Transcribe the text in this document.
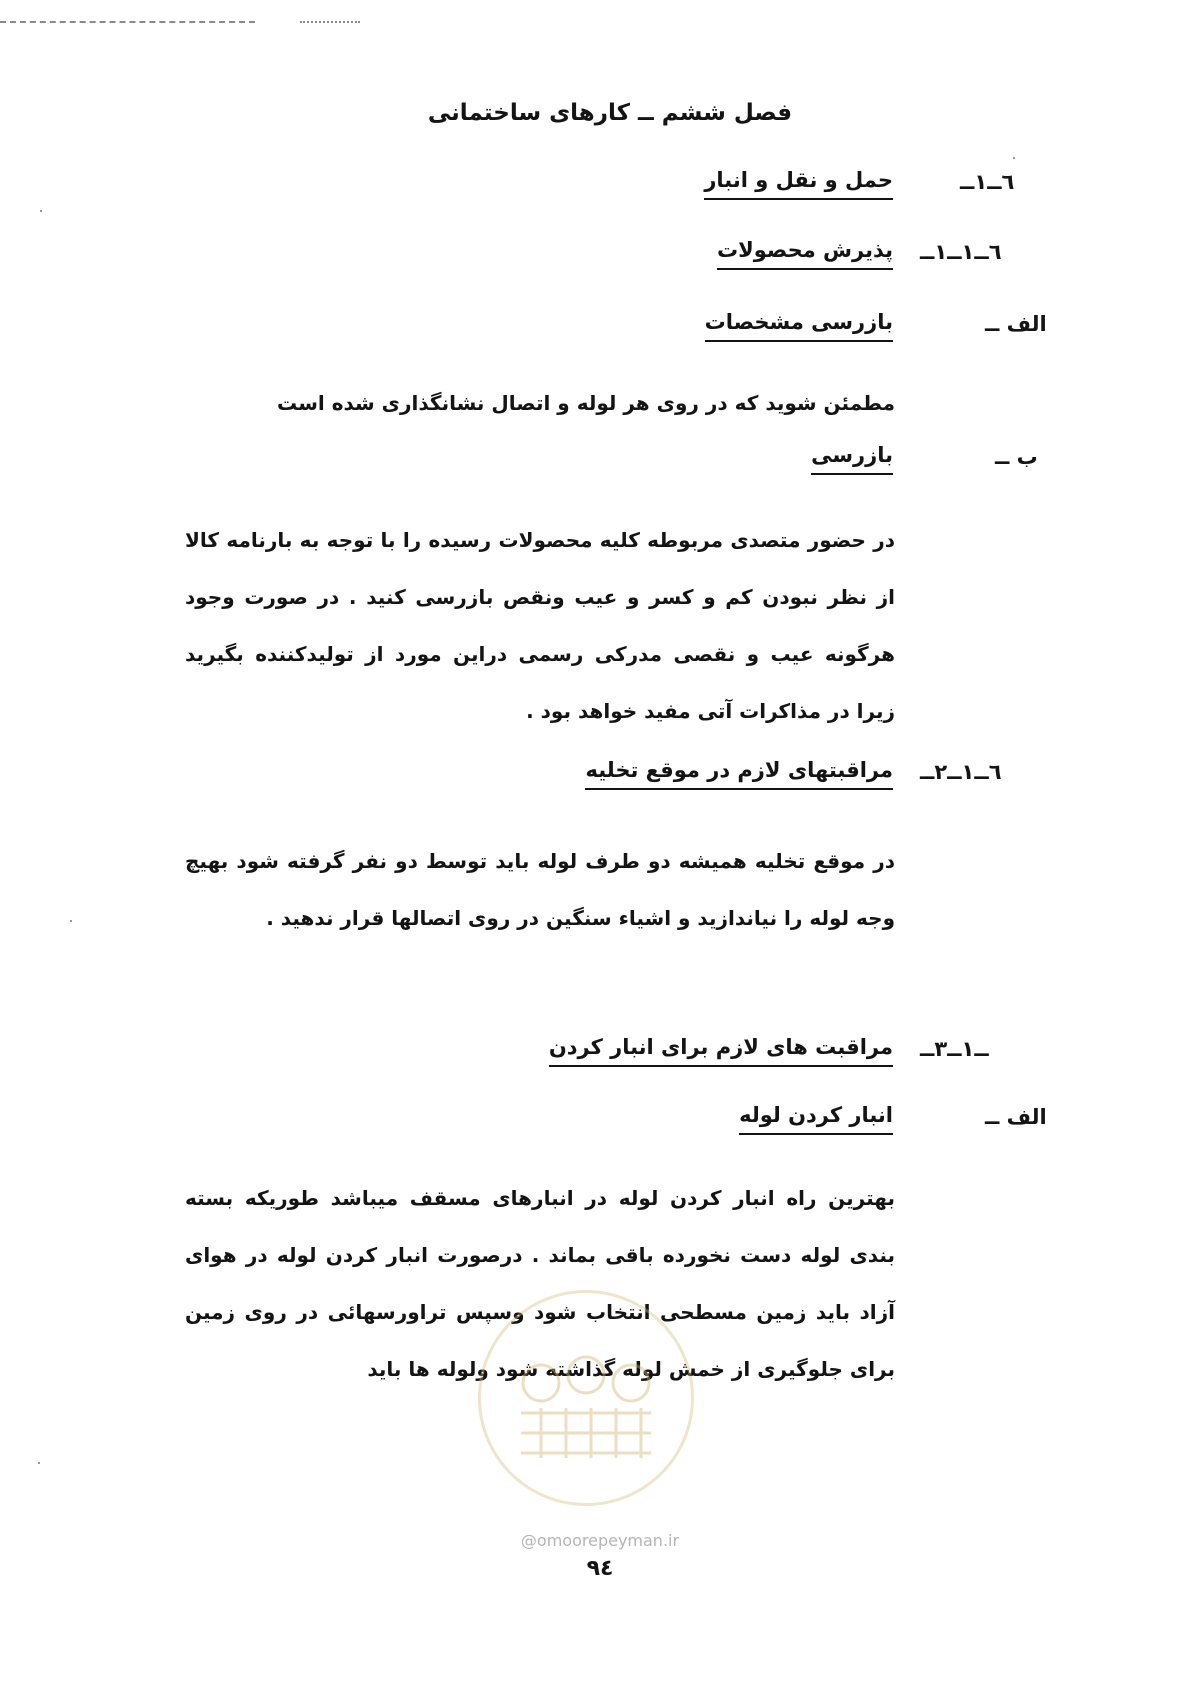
فصل ششم ــ کارهای ساختمانی
٦ــ١ــ
حمل و نقل و انبار
٦ــ١ــ١ــ
پذیرش محصولات
الف ــ
بازرسی مشخصات
مطمئن شوید که در روی هر لوله و اتصال نشانگذاری شده است
ب ــ
بازرسی
در حضور متصدی مربوطه کلیه محصولات رسیده را با توجه به بارنامه کالا از نظر نبودن کم و کسر و عیب ونقص بازرسی کنید . در صورت وجود هرگونه عیب و نقصی مدرکی رسمی دراین مورد از تولیدکننده بگیرید زیرا در مذاکرات آتی مفید خواهد بود .
٦ــ١ــ٢ــ
مراقبتهای لازم در موقع تخلیه
در موقع تخلیه همیشه دو طرف لوله باید توسط دو نفر گرفته شود بهیچ وجه لوله را نیاندازید و اشیاء سنگین در روی اتصالها قرار ندهید .
ــ١ــ٣ــ
مراقبت های لازم برای انبار کردن
الف ــ
انبار کردن لوله
بهترین راه انبار کردن لوله در انبارهای مسقف میباشد طوریکه بسته بندی لوله دست نخورده باقی بماند . درصورت انبار کردن لوله در هوای آزاد باید زمین مسطحی انتخاب شود وسپس تراورسهائی در روی زمین برای جلوگیری از خمش لوله گذاشته شود ولوله ها باید
@omoorepeyman.ir
۹٤
